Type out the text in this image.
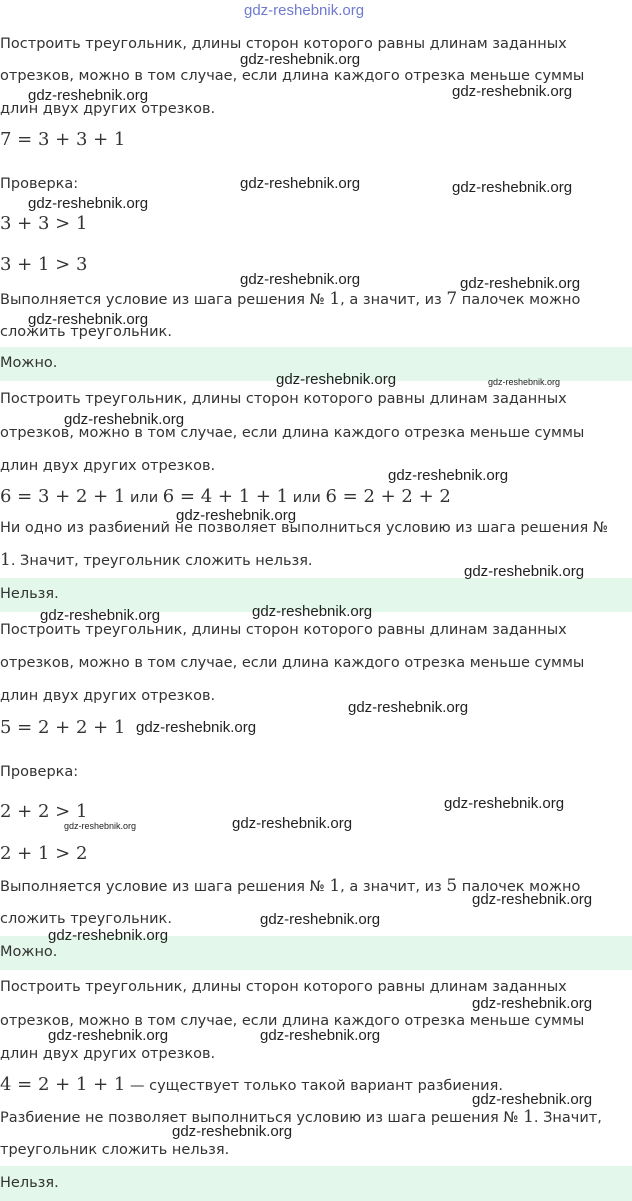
gdz-reshebnik.org
Построить треугольник, длины сторон которого равны длинам заданных
отрезков, можно в том случае, если длина каждого отрезка меньше суммы
длин двух других отрезков.
7 = 3 + 3 + 1
Проверка:
3 + 3 > 1
3 + 1 > 3
Выполняется условие из шага решения № 1, а значит, из 7 палочек можно
сложить треугольник.
Можно.
Построить треугольник, длины сторон которого равны длинам заданных
отрезков, можно в том случае, если длина каждого отрезка меньше суммы
длин двух других отрезков.
6 = 3 + 2 + 1 или 6 = 4 + 1 + 1 или 6 = 2 + 2 + 2
Ни одно из разбиений не позволяет выполниться условию из шага решения №
1. Значит, треугольник сложить нельзя.
Нельзя.
Построить треугольник, длины сторон которого равны длинам заданных
отрезков, можно в том случае, если длина каждого отрезка меньше суммы
длин двух других отрезков.
5 = 2 + 2 + 1
Проверка:
2 + 2 > 1
2 + 1 > 2
Выполняется условие из шага решения № 1, а значит, из 5 палочек можно
сложить треугольник.
Можно.
Построить треугольник, длины сторон которого равны длинам заданных
отрезков, можно в том случае, если длина каждого отрезка меньше суммы
длин двух других отрезков.
4 = 2 + 1 + 1 — существует только такой вариант разбиения.
Разбиение не позволяет выполниться условию из шага решения № 1. Значит,
треугольник сложить нельзя.
Нельзя.
gdz-reshebnik.org
gdz-reshebnik.org	gdz-reshebnik.org
gdz-reshebnik.org	gdz-reshebnik.org
gdz-reshebnik.org
gdz-reshebnik.org	gdz-reshebnik.org
gdz-reshebnik.org
gdz-reshebnik.org	gdz-reshebnik.org
gdz-reshebnik.org
gdz-reshebnik.org
gdz-reshebnik.org
gdz-reshebnik.org
gdz-reshebnik.org	gdz-reshebnik.org
gdz-reshebnik.org
gdz-reshebnik.org
gdz-reshebnik.org
gdz-reshebnik.org	gdz-reshebnik.org
gdz-reshebnik.org
gdz-reshebnik.org
gdz-reshebnik.org
gdz-reshebnik.org
gdz-reshebnik.org	gdz-reshebnik.org
gdz-reshebnik.org
gdz-reshebnik.org
